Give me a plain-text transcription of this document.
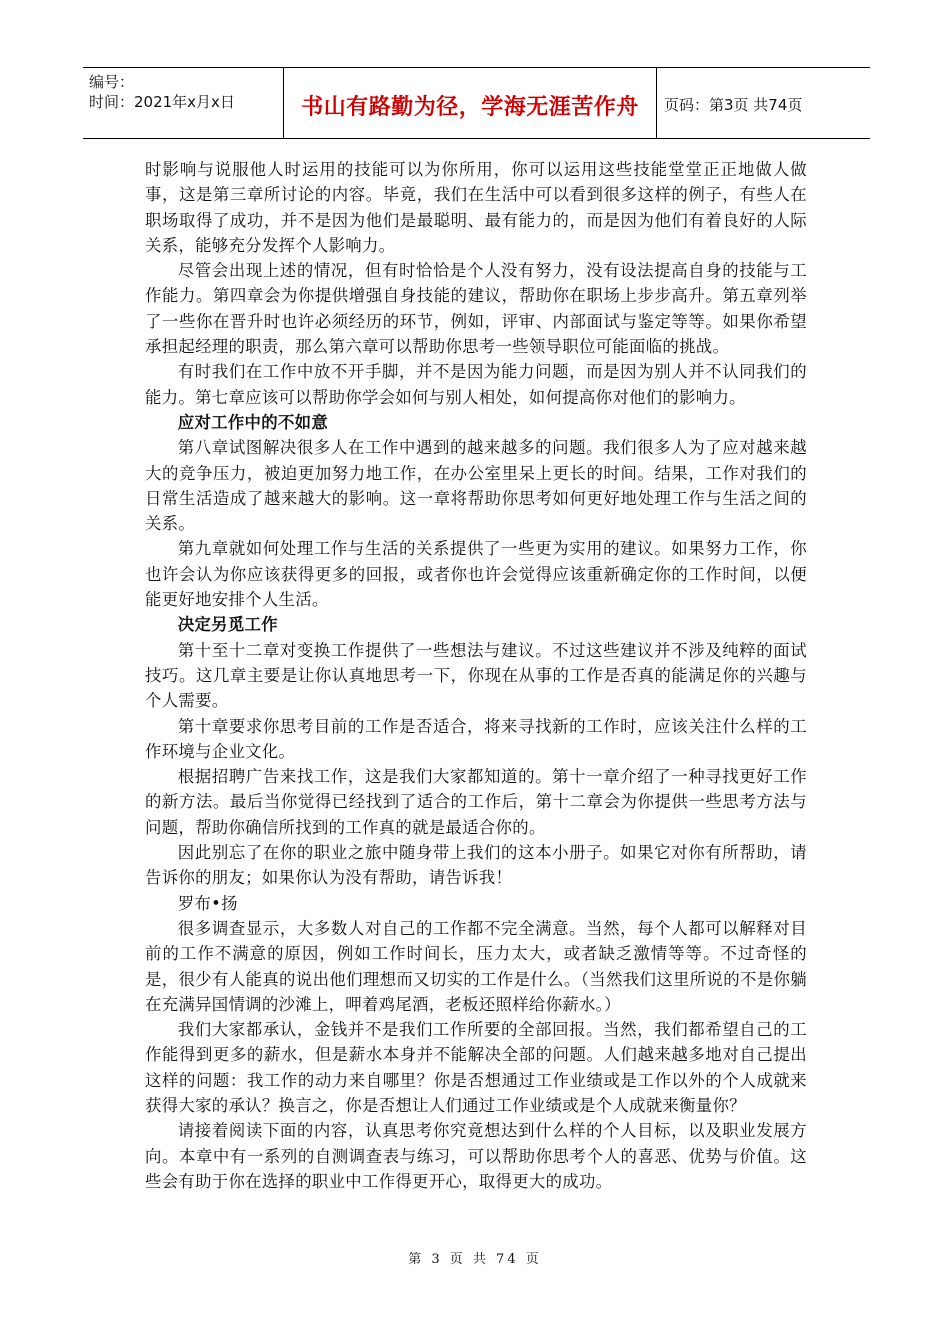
编号：
时间：2021年x月x日	书山有路勤为径，学海无涯苦作舟	页码：第3页 共74页

时影响与说服他人时运用的技能可以为你所用，你可以运用这些技能堂堂正正地做人做事，这是第三章所讨论的内容。毕竟，我们在生活中可以看到很多这样的例子，有些人在职场取得了成功，并不是因为他们是最聪明、最有能力的，而是因为他们有着良好的人际关系，能够充分发挥个人影响力。

尽管会出现上述的情况，但有时恰恰是个人没有努力，没有设法提高自身的技能与工作能力。第四章会为你提供增强自身技能的建议，帮助你在职场上步步高升。第五章列举了一些你在晋升时也许必须经历的环节，例如，评审、内部面试与鉴定等等。如果你希望承担起经理的职责，那么第六章可以帮助你思考一些领导职位可能面临的挑战。

有时我们在工作中放不开手脚，并不是因为能力问题，而是因为别人并不认同我们的能力。第七章应该可以帮助你学会如何与别人相处，如何提高你对他们的影响力。

应对工作中的不如意

第八章试图解决很多人在工作中遇到的越来越多的问题。我们很多人为了应对越来越大的竞争压力，被迫更加努力地工作，在办公室里呆上更长的时间。结果，工作对我们的日常生活造成了越来越大的影响。这一章将帮助你思考如何更好地处理工作与生活之间的关系。

第九章就如何处理工作与生活的关系提供了一些更为实用的建议。如果努力工作，你也许会认为你应该获得更多的回报，或者你也许会觉得应该重新确定你的工作时间，以便能更好地安排个人生活。

决定另觅工作

第十至十二章对变换工作提供了一些想法与建议。不过这些建议并不涉及纯粹的面试技巧。这几章主要是让你认真地思考一下，你现在从事的工作是否真的能满足你的兴趣与个人需要。

第十章要求你思考目前的工作是否适合，将来寻找新的工作时，应该关注什么样的工作环境与企业文化。

根据招聘广告来找工作，这是我们大家都知道的。第十一章介绍了一种寻找更好工作的新方法。最后当你觉得已经找到了适合的工作后，第十二章会为你提供一些思考方法与问题，帮助你确信所找到的工作真的就是最适合你的。

因此别忘了在你的职业之旅中随身带上我们的这本小册子。如果它对你有所帮助，请告诉你的朋友；如果你认为没有帮助，请告诉我！

罗布•扬

很多调查显示，大多数人对自己的工作都不完全满意。当然，每个人都可以解释对目前的工作不满意的原因，例如工作时间长，压力太大，或者缺乏激情等等。不过奇怪的是，很少有人能真的说出他们理想而又切实的工作是什么。（当然我们这里所说的不是你躺在充满异国情调的沙滩上，呷着鸡尾酒，老板还照样给你薪水。）

我们大家都承认，金钱并不是我们工作所要的全部回报。当然，我们都希望自己的工作能得到更多的薪水，但是薪水本身并不能解决全部的问题。人们越来越多地对自己提出这样的问题：我工作的动力来自哪里？你是否想通过工作业绩或是工作以外的个人成就来获得大家的承认？换言之，你是否想让人们通过工作业绩或是个人成就来衡量你？

请接着阅读下面的内容，认真思考你究竟想达到什么样的个人目标，以及职业发展方向。本章中有一系列的自测调查表与练习，可以帮助你思考个人的喜恶、优势与价值。这些会有助于你在选择的职业中工作得更开心，取得更大的成功。

第 3 页 共 74 页
